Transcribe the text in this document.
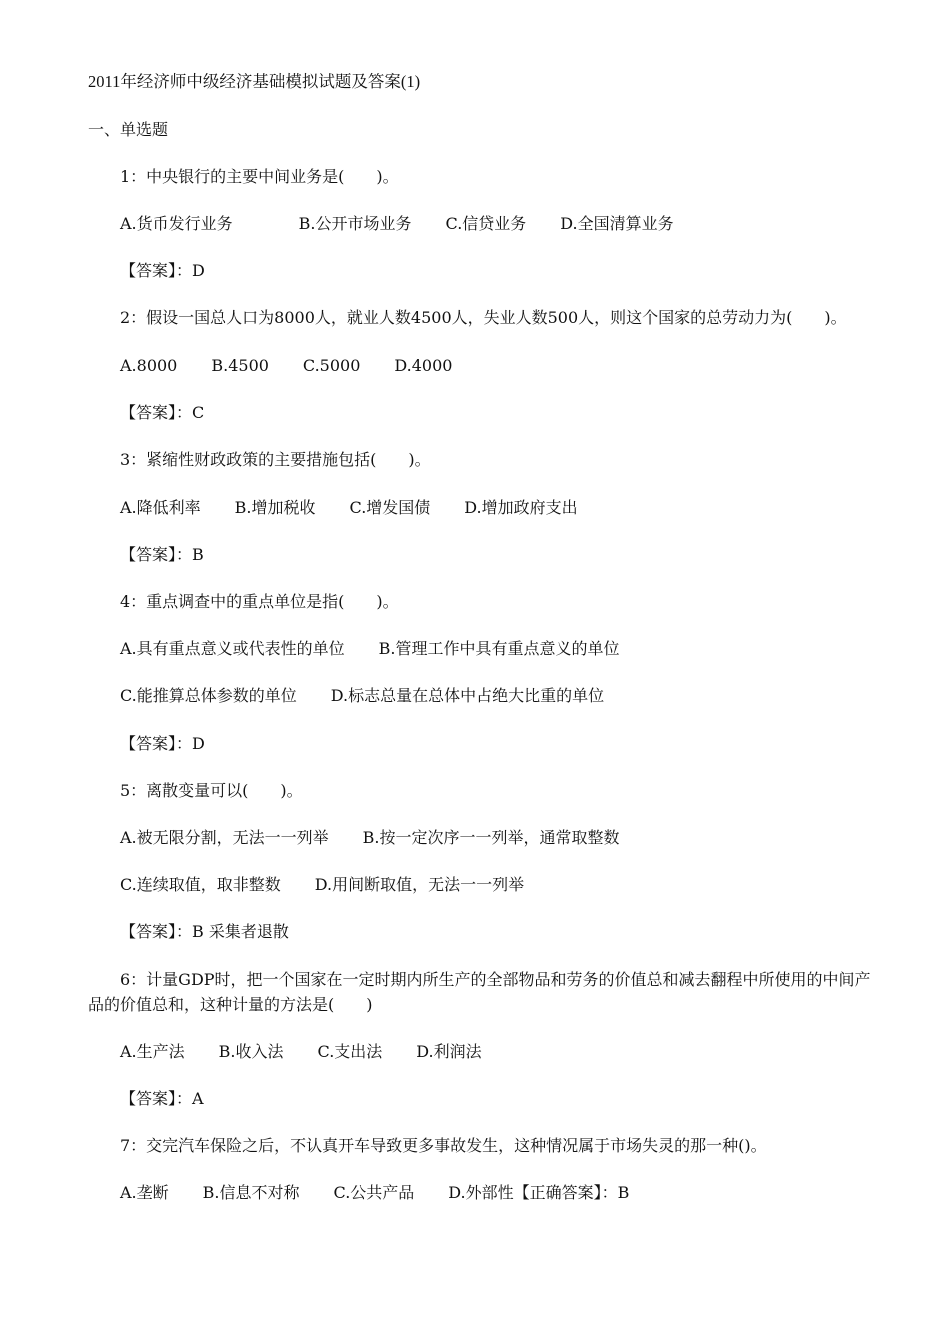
2011年经济师中级经济基础模拟试题及答案(1)
一、单选题
1：中央银行的主要中间业务是(　　)。
A.货币发行业务	B.公开市场业务 C.信贷业务 D.全国清算业务
【答案】：D
2：假设一国总人口为8000人，就业人数4500人，失业人数500人，则这个国家的总劳动力为(　　)。
A.8000 B.4500 C.5000 D.4000
【答案】：C
3：紧缩性财政政策的主要措施包括(　　)。
A.降低利率 B.增加税收 C.增发国债 D.增加政府支出
【答案】：B
4：重点调查中的重点单位是指(　　)。
A.具有重点意义或代表性的单位 B.管理工作中具有重点意义的单位
C.能推算总体参数的单位 D.标志总量在总体中占绝大比重的单位
【答案】：D
5：离散变量可以(　　)。
A.被无限分割，无法一一列举 B.按一定次序一一列举，通常取整数
C.连续取值，取非整数 D.用间断取值，无法一一列举
【答案】：B 采集者退散
6：计量GDP时，把一个国家在一定时期内所生产的全部物品和劳务的价值总和减去翻程中所使用的中间产品的价值总和，这种计量的方法是(　　)
A.生产法 B.收入法 C.支出法 D.利润法
【答案】：A
7：交完汽车保险之后，不认真开车导致更多事故发生，这种情况属于市场失灵的那一种()。
A.垄断 B.信息不对称 C.公共产品 D.外部性【正确答案】：B
